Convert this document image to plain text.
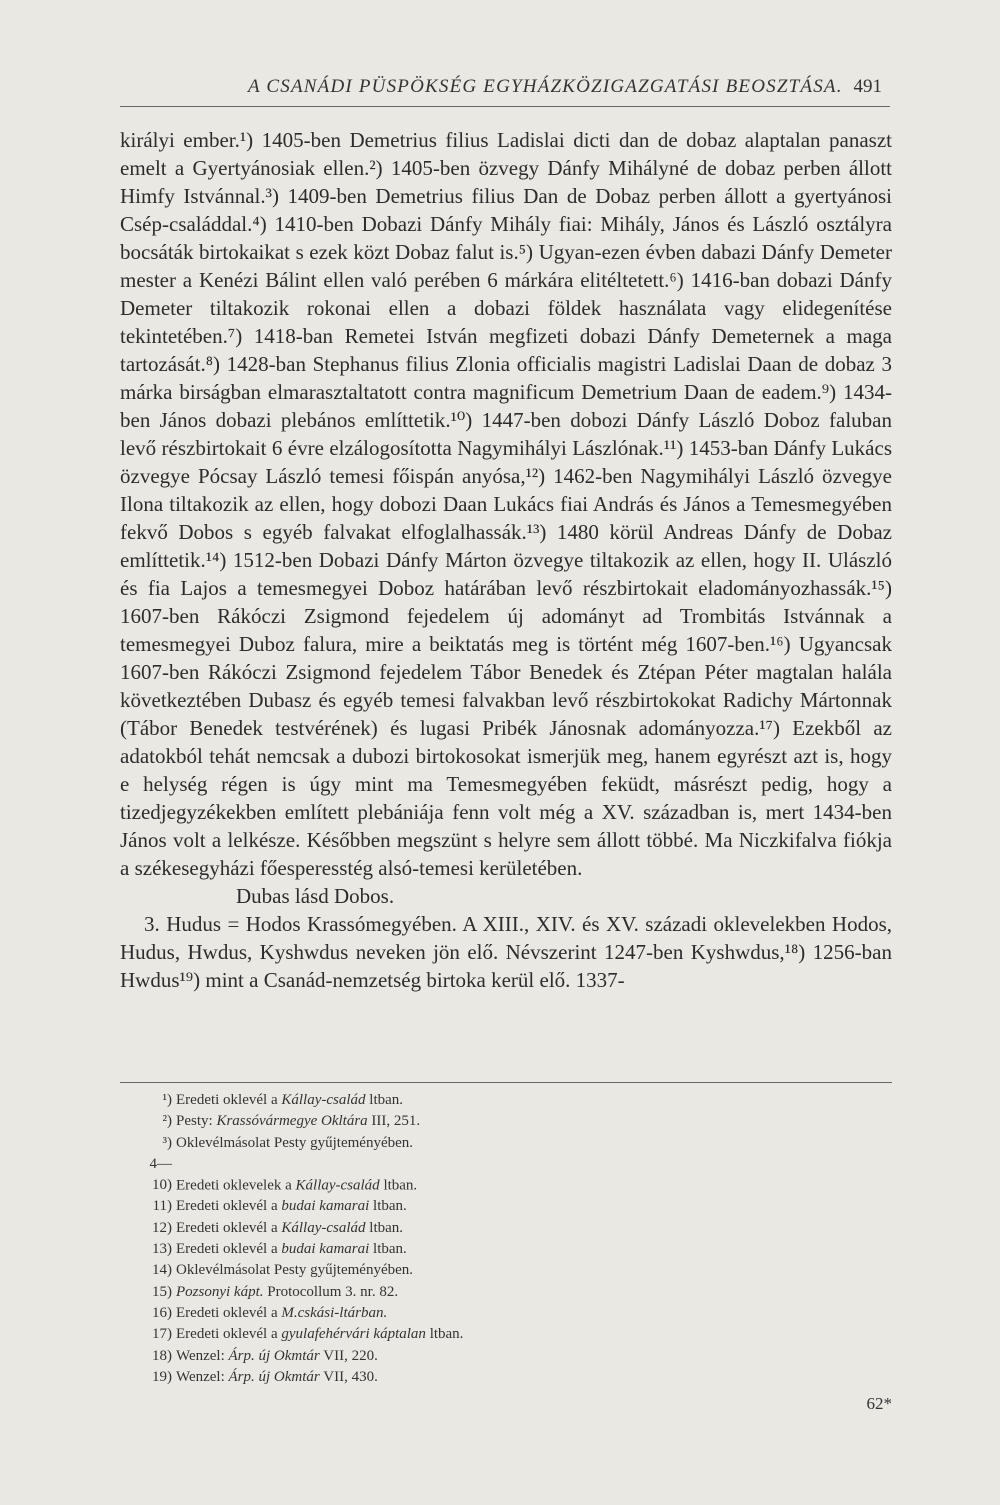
A CSANÁDI PÜSPÖKSÉG EGYHÁZKÖZIGAZGATÁSI BEOSZTÁSA. 491

királyi ember.¹) 1405-ben Demetrius filius Ladislai dicti dan de dobaz alaptalan panaszt emelt a Gyertyánosiak ellen.²) 1405-ben özvegy Dánfy Mihályné de dobaz perben állott Himfy Istvánnal.³) 1409-ben Demetrius filius Dan de Dobaz perben állott a gyertyánosi Csép-családdal.⁴) 1410-ben Dobazi Dánfy Mihály fiai: Mihály, János és László osztályra bocsáták birtokaikat s ezek közt Dobaz falut is.⁵) Ugyan-ezen évben dabazi Dánfy Demeter mester a Kenézi Bálint ellen való perében 6 márkára elitéltetett.⁶) 1416-ban dobazi Dánfy Demeter tiltakozik rokonai ellen a dobazi földek használata vagy elidegenítése tekintetében.⁷) 1418-ban Remetei István megfizeti dobazi Dánfy Demeternek a maga tartozását.⁸) 1428-ban Stephanus filius Zlonia officialis magistri Ladislai Daan de dobaz 3 márka birságban elmarasztaltatott contra magnificum Demetrium Daan de eadem.⁹) 1434-ben János dobazi plebános említtetik.¹⁰) 1447-ben dobozi Dánfy László Doboz faluban levő részbirtokait 6 évre elzálogosította Nagymihályi Lászlónak.¹¹) 1453-ban Dánfy Lukács özvegye Pócsay László temesi főispán anyósa,¹²) 1462-ben Nagymihályi László özvegye Ilona tiltakozik az ellen, hogy dobozi Daan Lukács fiai András és János a Temesmegyében fekvő Dobos s egyéb falvakat elfoglalhassák.¹³) 1480 körül Andreas Dánfy de Dobaz említtetik.¹⁴) 1512-ben Dobazi Dánfy Márton özvegye tiltakozik az ellen, hogy II. Ulászló és fia Lajos a temesmegyei Doboz határában levő részbirtokait eladományozhassák.¹⁵) 1607-ben Rákóczi Zsigmond fejedelem új adományt ad Trombitás Istvánnak a temesmegyei Duboz falura, mire a beiktatás meg is történt még 1607-ben.¹⁶) Ugyancsak 1607-ben Rákóczi Zsigmond fejedelem Tábor Benedek és Ztépan Péter magtalan halála következtében Dubasz és egyéb temesi falvakban levő részbirtokokat Radichy Mártonnak (Tábor Benedek testvérének) és lugasi Pribék Jánosnak adományozza.¹⁷) Ezekből az adatokból tehát nemcsak a dubozi birtokosokat ismerjük meg, hanem egyrészt azt is, hogy e helység régen is úgy mint ma Temesmegyében feküdt, másrészt pedig, hogy a tizedjegyzékekben említett plebániája fenn volt még a XV. században is, mert 1434-ben János volt a lelkésze. Későbben megszünt s helyre sem állott többé. Ma Niczkifalva fiókja a székesegyházi főesperesstég alsó-temesi kerületében.

Dubas lásd Dobos.

3. Hudus = Hodos Krassómegyében. A XIII., XIV. és XV. századi oklevelekben Hodos, Hudus, Hwdus, Kyshwdus neveken jön elő. Névszerint 1247-ben Kyshwdus,¹⁸) 1256-ban Hwdus¹⁹) mint a Csanád-nemzetség birtoka kerül elő. 1337-

¹) Eredeti oklevél a Kállay-család ltban.
²) Pesty: Krassóvármegye Okltára III, 251.
³) Oklevélmásolat Pesty gyűjteményében.
4—10) Eredeti oklevelek a Kállay-család ltban.
11) Eredeti oklevél a budai kamarai ltban.
12) Eredeti oklevél a Kállay-család ltban.
13) Eredeti oklevél a budai kamarai ltban.
14) Oklevélmásolat Pesty gyűjteményében.
15) Pozsonyi kápt. Protocollum 3. nr. 82.
16) Eredeti oklevél a M.cskási-ltárban.
17) Eredeti oklevél a gyulafehérvári káptalan ltban.
18) Wenzel: Árp. új Okmtár VII, 220.
19) Wenzel: Árp. új Okmtár VII, 430.
62*
